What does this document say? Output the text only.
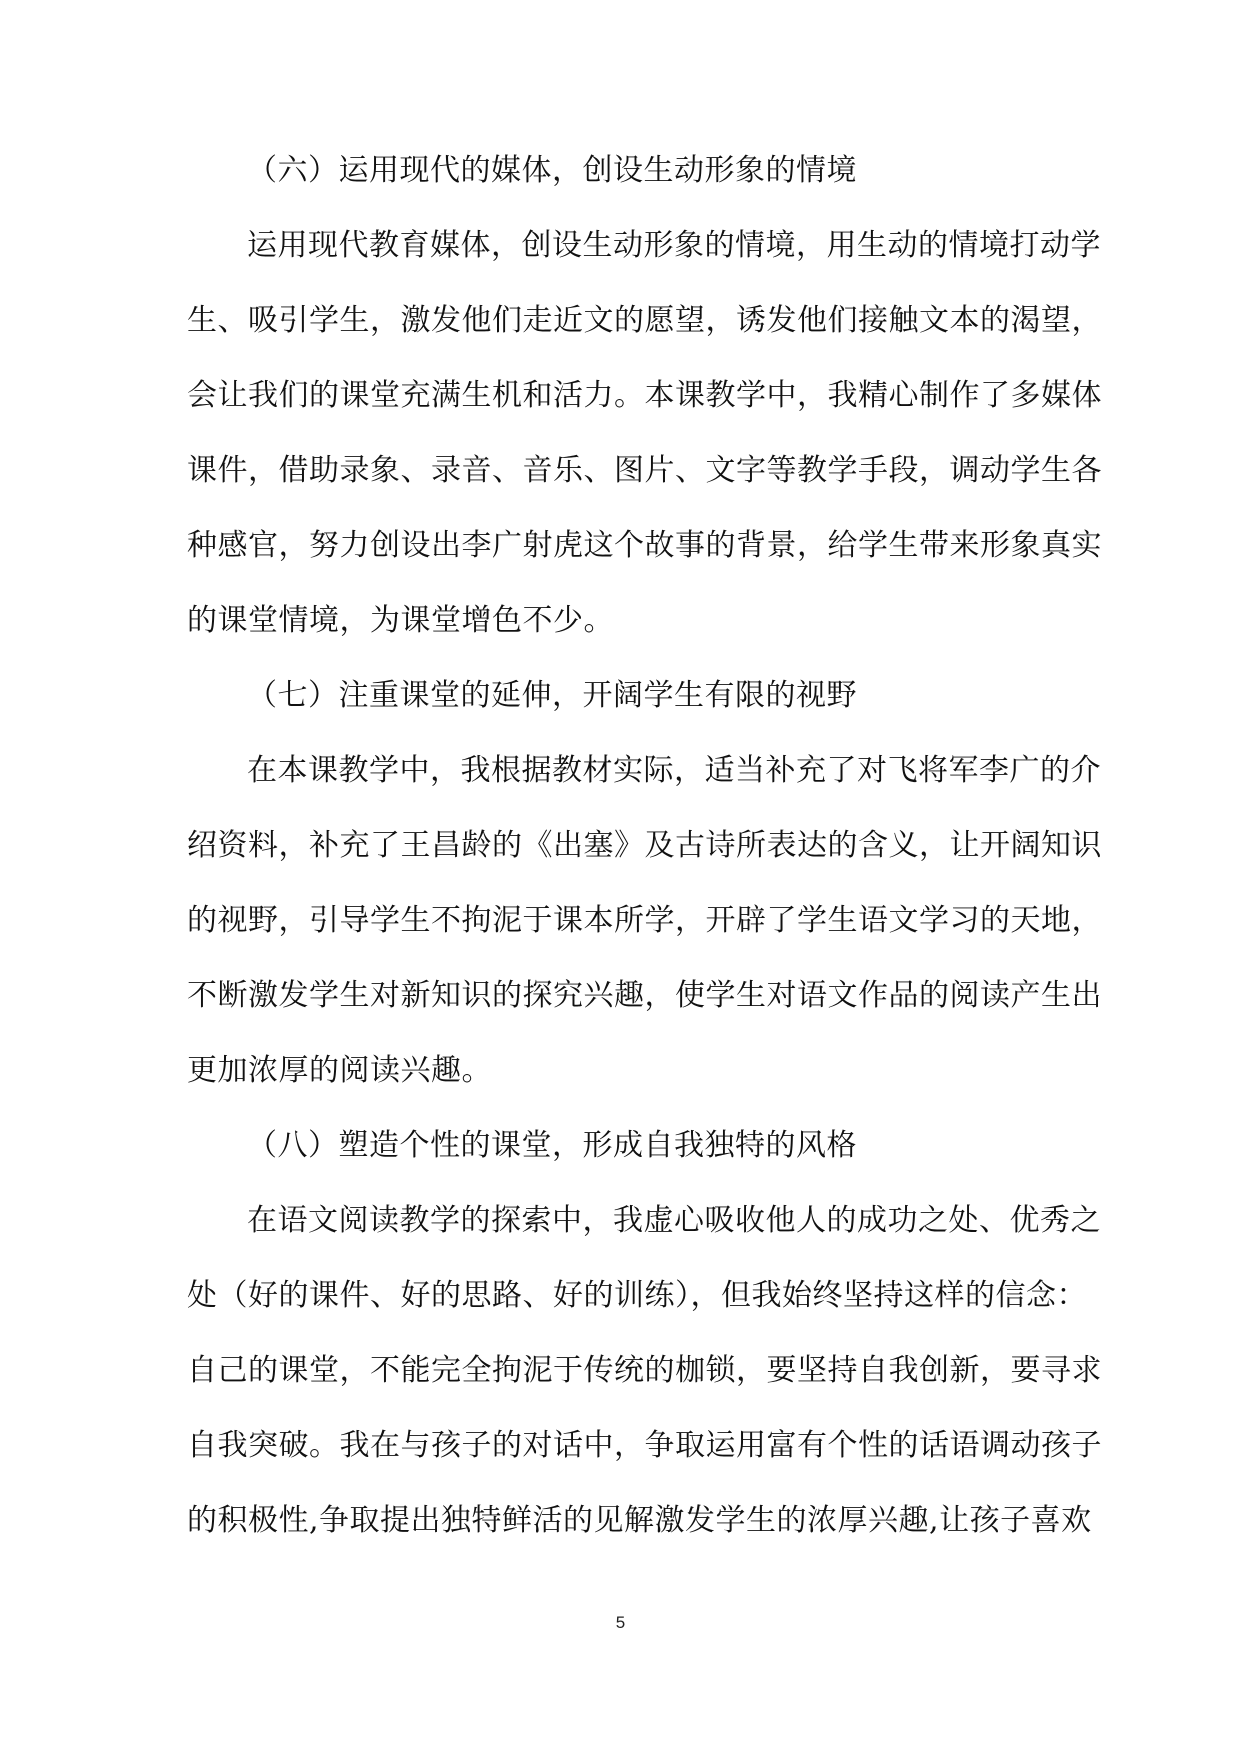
（六）运用现代的媒体，创设生动形象的情境
运用现代教育媒体，创设生动形象的情境，用生动的情境打动学
生、吸引学生，激发他们走近文的愿望，诱发他们接触文本的渴望，
会让我们的课堂充满生机和活力。本课教学中，我精心制作了多媒体
课件，借助录象、录音、音乐、图片、文字等教学手段，调动学生各
种感官，努力创设出李广射虎这个故事的背景，给学生带来形象真实
的课堂情境，为课堂增色不少。
（七）注重课堂的延伸，开阔学生有限的视野
在本课教学中，我根据教材实际，适当补充了对飞将军李广的介
绍资料，补充了王昌龄的《出塞》及古诗所表达的含义，让开阔知识
的视野，引导学生不拘泥于课本所学，开辟了学生语文学习的天地，
不断激发学生对新知识的探究兴趣，使学生对语文作品的阅读产生出
更加浓厚的阅读兴趣。
（八）塑造个性的课堂，形成自我独特的风格
在语文阅读教学的探索中，我虚心吸收他人的成功之处、优秀之
处（好的课件、好的思路、好的训练），但我始终坚持这样的信念：
自己的课堂，不能完全拘泥于传统的枷锁，要坚持自我创新，要寻求
自我突破。我在与孩子的对话中，争取运用富有个性的话语调动孩子
的积极性,争取提出独特鲜活的见解激发学生的浓厚兴趣,让孩子喜欢
5
